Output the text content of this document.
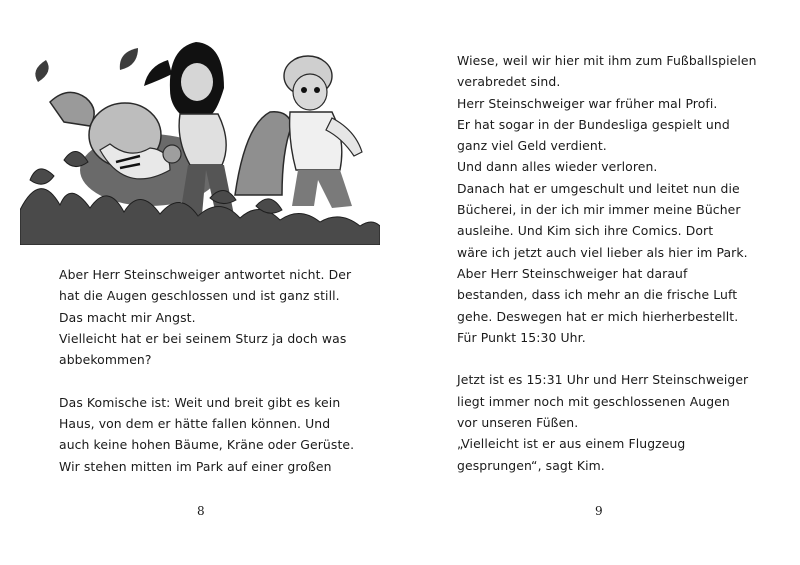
Aber Herr Steinschweiger antwortet nicht. Der
hat die Augen geschlossen und ist ganz still.
Das macht mir Angst.
Vielleicht hat er bei seinem Sturz ja doch was
abbekommen?
Das Komische ist: Weit und breit gibt es kein
Haus, von dem er hätte fallen können. Und
auch keine hohen Bäume, Kräne oder Gerüste.
Wir stehen mitten im Park auf einer großen
8
Wiese, weil wir hier mit ihm zum Fußballspielen
verabredet sind.
Herr Steinschweiger war früher mal Profi.
Er hat sogar in der Bundesliga gespielt und
ganz viel Geld verdient.
Und dann alles wieder verloren.
Danach hat er umgeschult und leitet nun die
Bücherei, in der ich mir immer meine Bücher
ausleihe. Und Kim sich ihre Comics. Dort
wäre ich jetzt auch viel lieber als hier im Park.
Aber Herr Steinschweiger hat darauf
bestanden, dass ich mehr an die frische Luft
gehe. Deswegen hat er mich hierherbestellt.
Für Punkt 15:30 Uhr.
Jetzt ist es 15:31 Uhr und Herr Steinschweiger
liegt immer noch mit geschlossenen Augen
vor unseren Füßen.
„Vielleicht ist er aus einem Flugzeug
gesprungen“, sagt Kim.
9
